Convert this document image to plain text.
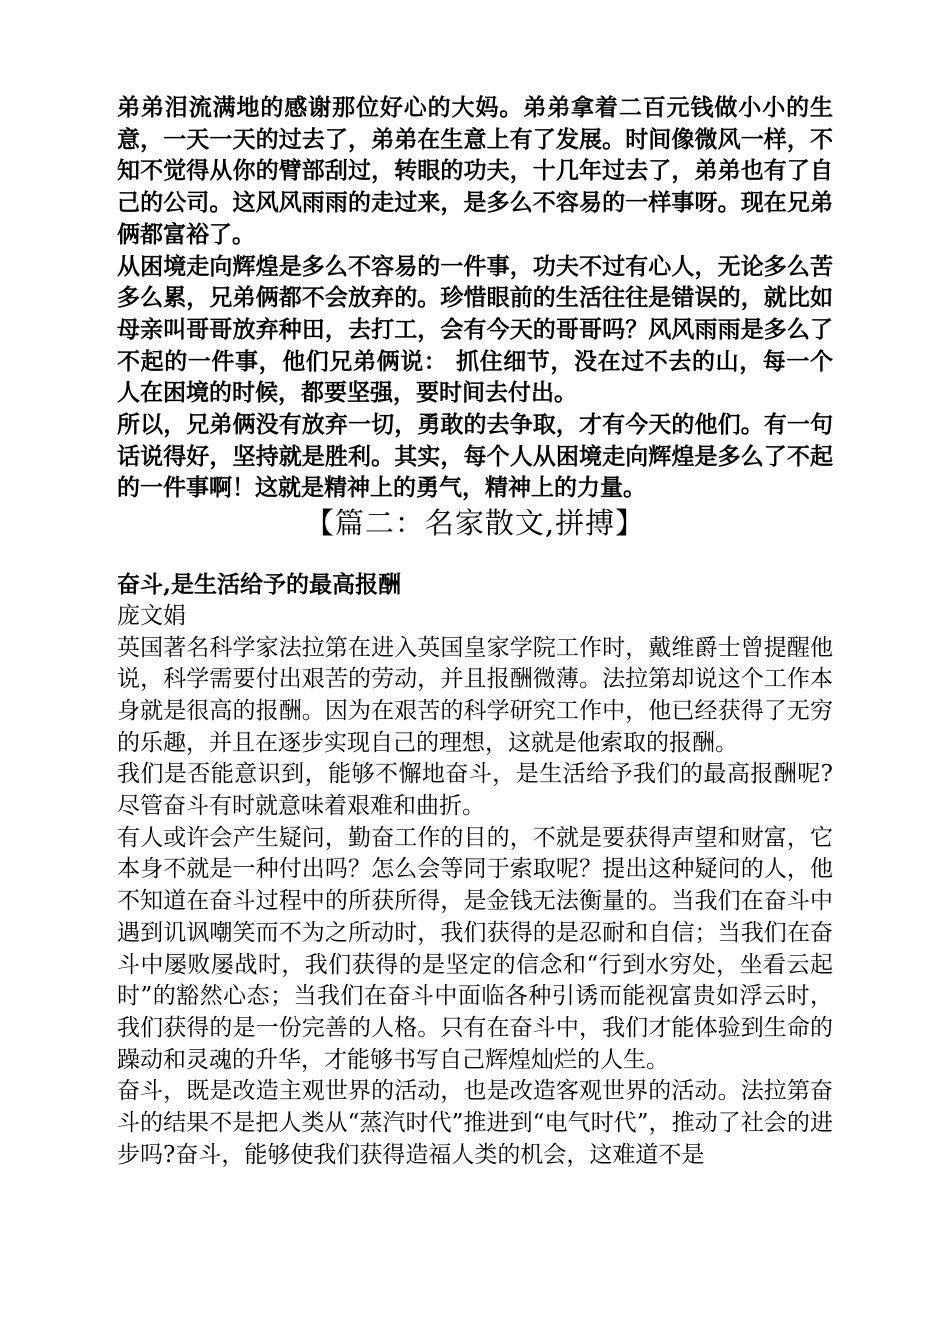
弟弟泪流满地的感谢那位好心的大妈。弟弟拿着二百元钱做小小的生意，一天一天的过去了，弟弟在生意上有了发展。时间像微风一样，不知不觉得从你的臂部刮过，转眼的功夫，十几年过去了，弟弟也有了自己的公司。这风风雨雨的走过来，是多么不容易的一样事呀。现在兄弟俩都富裕了。

从困境走向辉煌是多么不容易的一件事，功夫不过有心人，无论多么苦多么累，兄弟俩都不会放弃的。珍惜眼前的生活往往是错误的，就比如母亲叫哥哥放弃种田，去打工，会有今天的哥哥吗？风风雨雨是多么了不起的一件事，他们兄弟俩说： 抓住细节，没在过不去的山，每一个人在困境的时候，都要坚强，要时间去付出。

所以，兄弟俩没有放弃一切，勇敢的去争取，才有今天的他们。有一句话说得好，坚持就是胜利。其实，每个人从困境走向辉煌是多么了不起的一件事啊！这就是精神上的勇气，精神上的力量。

【篇二：名家散文,拼搏】

奋斗,是生活给予的最高报酬

庞文娟

英国著名科学家法拉第在进入英国皇家学院工作时，戴维爵士曾提醒他说，科学需要付出艰苦的劳动，并且报酬微薄。法拉第却说这个工作本身就是很高的报酬。因为在艰苦的科学研究工作中，他已经获得了无穷的乐趣，并且在逐步实现自己的理想，这就是他索取的报酬。

我们是否能意识到，能够不懈地奋斗，是生活给予我们的最高报酬呢?尽管奋斗有时就意味着艰难和曲折。

有人或许会产生疑问，勤奋工作的目的，不就是要获得声望和财富，它本身不就是一种付出吗？怎么会等同于索取呢？提出这种疑问的人，他不知道在奋斗过程中的所获所得，是金钱无法衡量的。当我们在奋斗中遇到讥讽嘲笑而不为之所动时，我们获得的是忍耐和自信；当我们在奋斗中屡败屡战时，我们获得的是坚定的信念和“行到水穷处，坐看云起时”的豁然心态；当我们在奋斗中面临各种引诱而能视富贵如浮云时，我们获得的是一份完善的人格。只有在奋斗中，我们才能体验到生命的躁动和灵魂的升华，才能够书写自己辉煌灿烂的人生。

奋斗，既是改造主观世界的活动，也是改造客观世界的活动。法拉第奋斗的结果不是把人类从“蒸汽时代”推进到“电气时代”，推动了社会的进步吗?奋斗，能够使我们获得造福人类的机会，这难道不是
